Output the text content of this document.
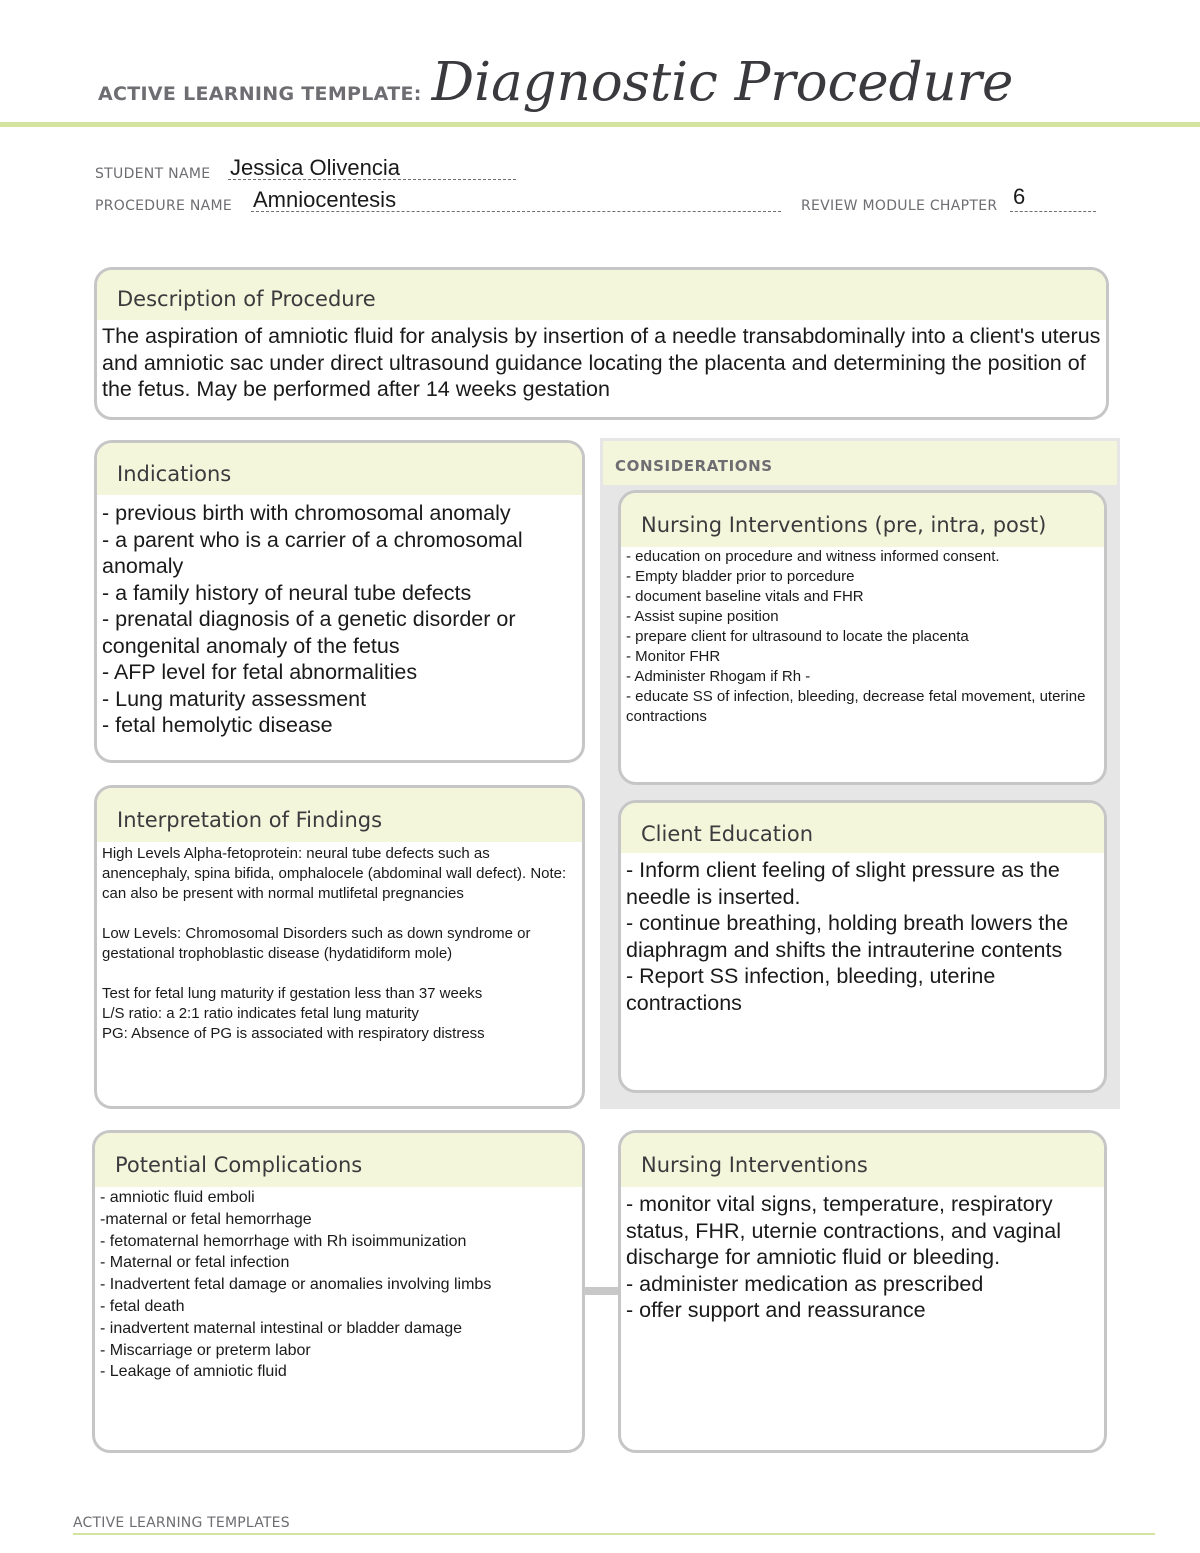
ACTIVE LEARNING TEMPLATE: Diagnostic Procedure
STUDENT NAME Jessica Olivencia
PROCEDURE NAME Amniocentesis	REVIEW MODULE CHAPTER 6
Description of Procedure
The aspiration of amniotic fluid for analysis by insertion of a needle transabdominally into a client's uterus and amniotic sac under direct ultrasound guidance locating the placenta and determining the position of the fetus. May be performed after 14 weeks gestation
Indications
- previous birth with chromosomal anomaly
- a parent who is a carrier of a chromosomal anomaly
- a family history of neural tube defects
- prenatal diagnosis of a genetic disorder or congenital anomaly of the fetus
- AFP level for fetal abnormalities
- Lung maturity assessment
- fetal hemolytic disease
CONSIDERATIONS
Nursing Interventions (pre, intra, post)
- education on procedure and witness informed consent.
- Empty bladder prior to porcedure
- document baseline vitals and FHR
- Assist supine position
- prepare client for ultrasound to locate the placenta
- Monitor FHR
- Administer Rhogam if Rh -
- educate SS of infection, bleeding, decrease fetal movement, uterine contractions
Client Education
- Inform client feeling of slight pressure as the needle is inserted.
- continue breathing, holding breath lowers the diaphragm and shifts the intrauterine contents
- Report SS infection, bleeding, uterine contractions
Interpretation of Findings
High Levels Alpha-fetoprotein: neural tube defects such as anencephaly, spina bifida, omphalocele (abdominal wall defect). Note: can also be present with normal mutlifetal pregnancies

Low Levels: Chromosomal Disorders such as down syndrome or gestational trophoblastic disease (hydatidiform mole)

Test for fetal lung maturity if gestation less than 37 weeks
L/S ratio: a 2:1 ratio indicates fetal lung maturity
PG: Absence of PG is associated with respiratory distress
Potential Complications
- amniotic fluid emboli
-maternal or fetal hemorrhage
- fetomaternal hemorrhage with Rh isoimmunization
- Maternal or fetal infection
- Inadvertent fetal damage or anomalies involving limbs
- fetal death
- inadvertent maternal intestinal or bladder damage
- Miscarriage or preterm labor
- Leakage of amniotic fluid
Nursing Interventions
- monitor vital signs, temperature, respiratory status, FHR, uternie contractions, and vaginal discharge for amniotic fluid or bleeding.
- administer medication as prescribed
- offer support and reassurance
ACTIVE LEARNING TEMPLATES
